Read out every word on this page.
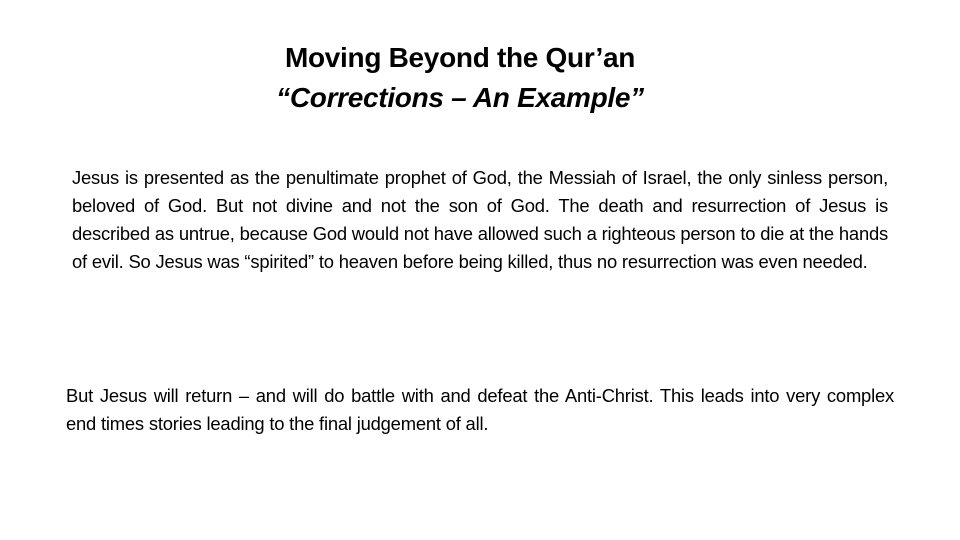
Moving Beyond the Qur’an
“Corrections – An Example”
Jesus is presented as the penultimate prophet of God, the Messiah of Israel, the only sinless person, beloved of God. But not divine and not the son of God. The death and resurrection of Jesus is described as untrue, because God would not have allowed such a righteous person to die at the hands of evil. So Jesus was “spirited” to heaven before being killed, thus no resurrection was even needed.
But Jesus will return – and will do battle with and defeat the Anti-Christ. This leads into very complex end times stories leading to the final judgement of all.
